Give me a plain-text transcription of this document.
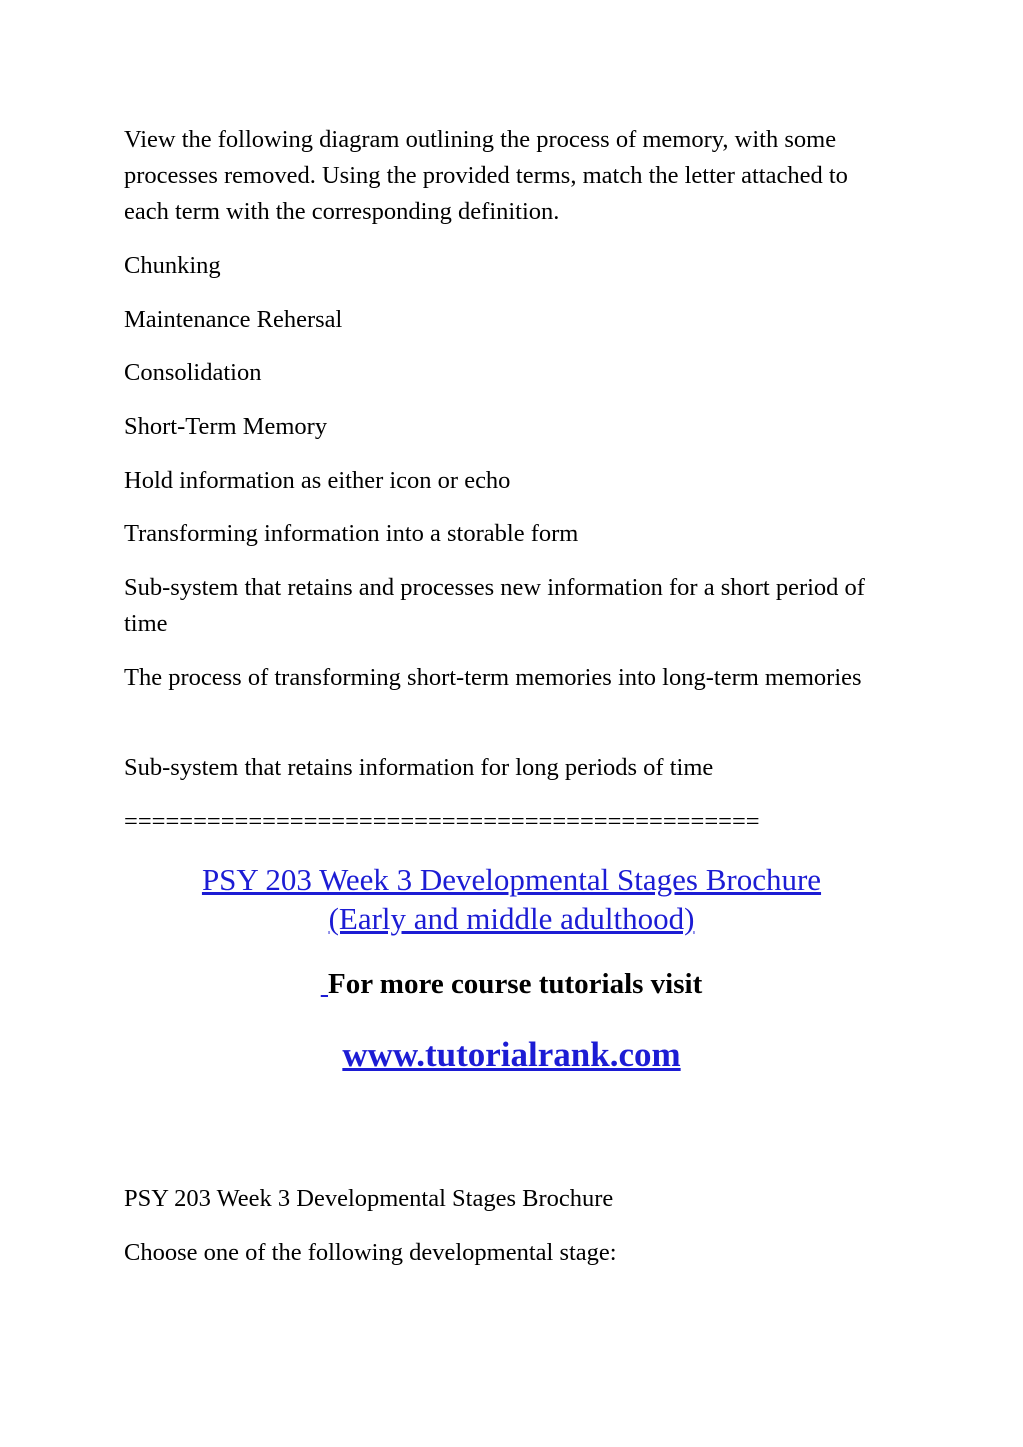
View the following diagram outlining the process of memory, with some processes removed. Using the provided terms, match the letter attached to each term with the corresponding definition.

Chunking

Maintenance Rehersal

Consolidation

Short-Term Memory

Hold information as either icon or echo

Transforming information into a storable form

Sub-system that retains and processes new information for a short period of time

The process of transforming short-term memories into long-term memories

Sub-system that retains information for long periods of time

==============================================

PSY 203 Week 3 Developmental Stages Brochure
(Early and middle adulthood)
For more course tutorials visit
www.tutorialrank.com

PSY 203 Week 3 Developmental Stages Brochure

Choose one of the following developmental stage:
